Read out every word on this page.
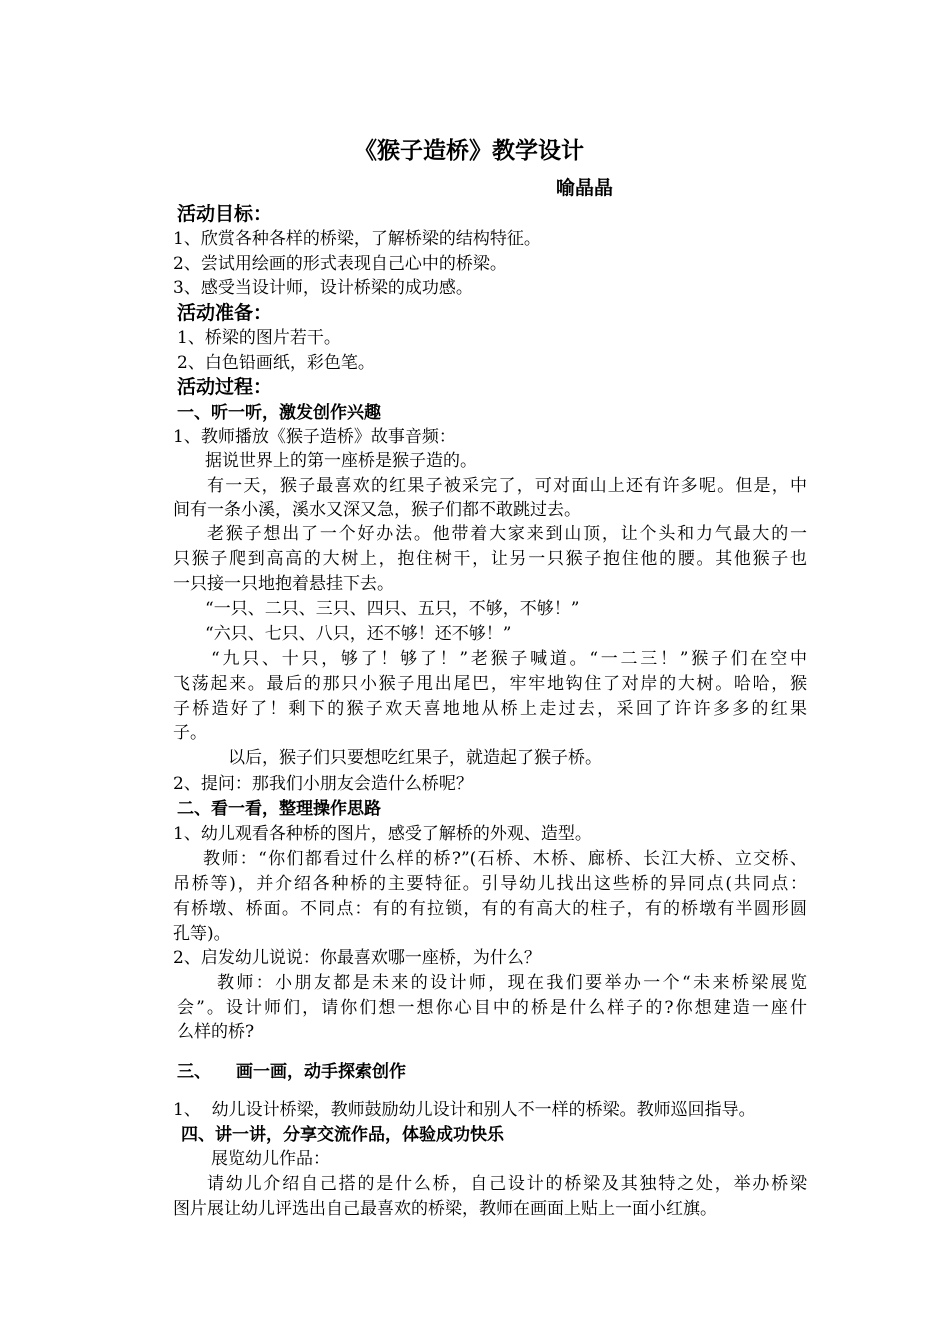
《猴子造桥》教学设计

喻晶晶

活动目标：

1、欣赏各种各样的桥梁，了解桥梁的结构特征。

2、尝试用绘画的形式表现自己心中的桥梁。

3、感受当设计师，设计桥梁的成功感。

活动准备：

1、桥梁的图片若干。

2、白色铅画纸，彩色笔。

活动过程：

一、听一听，激发创作兴趣

1、教师播放《猴子造桥》故事音频：

据说世界上的第一座桥是猴子造的。

有一天，猴子最喜欢的红果子被采完了，可对面山上还有许多呢。但是，中

间有一条小溪，溪水又深又急，猴子们都不敢跳过去。

老猴子想出了一个好办法。他带着大家来到山顶，让个头和力气最大的一

只猴子爬到高高的大树上，抱住树干，让另一只猴子抱住他的腰。其他猴子也

一只接一只地抱着悬挂下去。

“一只、二只、三只、四只、五只，不够，不够！”

“六只、七只、八只，还不够！还不够！”

“九只、十只，够了！够了！”老猴子喊道。“一二三！”猴子们在空中

飞荡起来。最后的那只小猴子甩出尾巴，牢牢地钩住了对岸的大树。哈哈，猴

子桥造好了！剩下的猴子欢天喜地地从桥上走过去，采回了许许多多的红果

子。

以后，猴子们只要想吃红果子，就造起了猴子桥。

2、提问：那我们小朋友会造什么桥呢？

二、看一看，整理操作思路

1、幼儿观看各种桥的图片，感受了解桥的外观、造型。

教师：“你们都看过什么样的桥?”(石桥、木桥、廊桥、长江大桥、立交桥、

吊桥等)，并介绍各种桥的主要特征。引导幼儿找出这些桥的异同点(共同点：

有桥墩、桥面。不同点：有的有拉锁，有的有高大的柱子，有的桥墩有半圆形圆

孔等)。

2、启发幼儿说说：你最喜欢哪一座桥，为什么？

教师：小朋友都是未来的设计师，现在我们要举办一个“未来桥梁展览

会”。设计师们，请你们想一想你心目中的桥是什么样子的?你想建造一座什

么样的桥?

三、 画一画，动手探索创作

1、  幼儿设计桥梁，教师鼓励幼儿设计和别人不一样的桥梁。教师巡回指导。

四、讲一讲，分享交流作品，体验成功快乐

展览幼儿作品：

请幼儿介绍自己搭的是什么桥，自己设计的桥梁及其独特之处，举办桥梁

图片展让幼儿评选出自己最喜欢的桥梁，教师在画面上贴上一面小红旗。
